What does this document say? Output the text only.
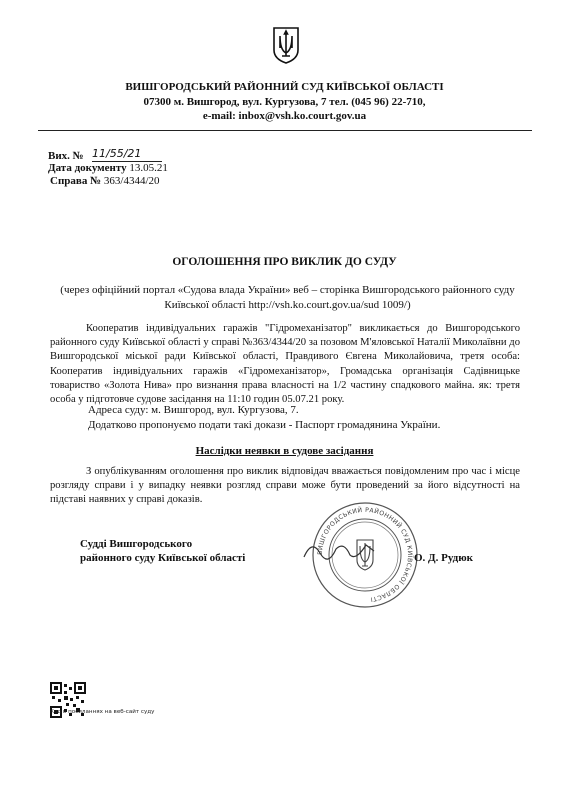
ВИШГОРОДСЬКИЙ РАЙОННИЙ СУД КИЇВСЬКОЇ ОБЛАСТІ
07300 м. Вишгород, вул. Кургузова, 7 тел. (045 96) 22-710,
e-mail: inbox@vsh.ko.court.gov.ua
Вих. № 11/55/21
Дата документу 13.05.21
Справа № 363/4344/20
ОГОЛОШЕННЯ ПРО ВИКЛИК ДО СУДУ
(через офіційний портал «Судова влада України» веб – сторінка Вишгородського районного суду Київської області http://vsh.ko.court.gov.ua/sud 1009/)
Кооператив індивідуальних гаражів "Гідромеханізатор" викликається до Вишгородського районного суду Київської області у справі №363/4344/20 за позовом М'яловської Наталії Миколаївни до Вишгородської міської ради Київської області, Правдивого Євгена Миколайовича, третя особа: Кооператив індивідуальних гаражів «Гідромеханізатор», Громадська організація Садівницьке товариство «Золота Нива» про визнання права власності на 1/2 частину спадкового майна. як: третя особа у підготовче судове засідання на 11:10 годин 05.07.21 року.
Адреса суду: м. Вишгород, вул. Кургузова, 7.
Додатково пропонуємо подати такі докази - Паспорт громадянина України.
Наслідки неявки в судове засідання
З опублікуванням оголошення про виклик відповідач вважається повідомленим про час і місце розгляду справи і у випадку неявки розгляд справи може бути проведений за його відсутності на підставі наявних у справі доказів.
ВИШГОРОДСЬКИЙ РАЙОННИЙ СУД КИЇВСЬКОЇ ОБЛАСТІ
Судді Вишгородського
районного суду Київської області	О. Д. Рудюк
Код в посиланнях на веб-сайт суду
